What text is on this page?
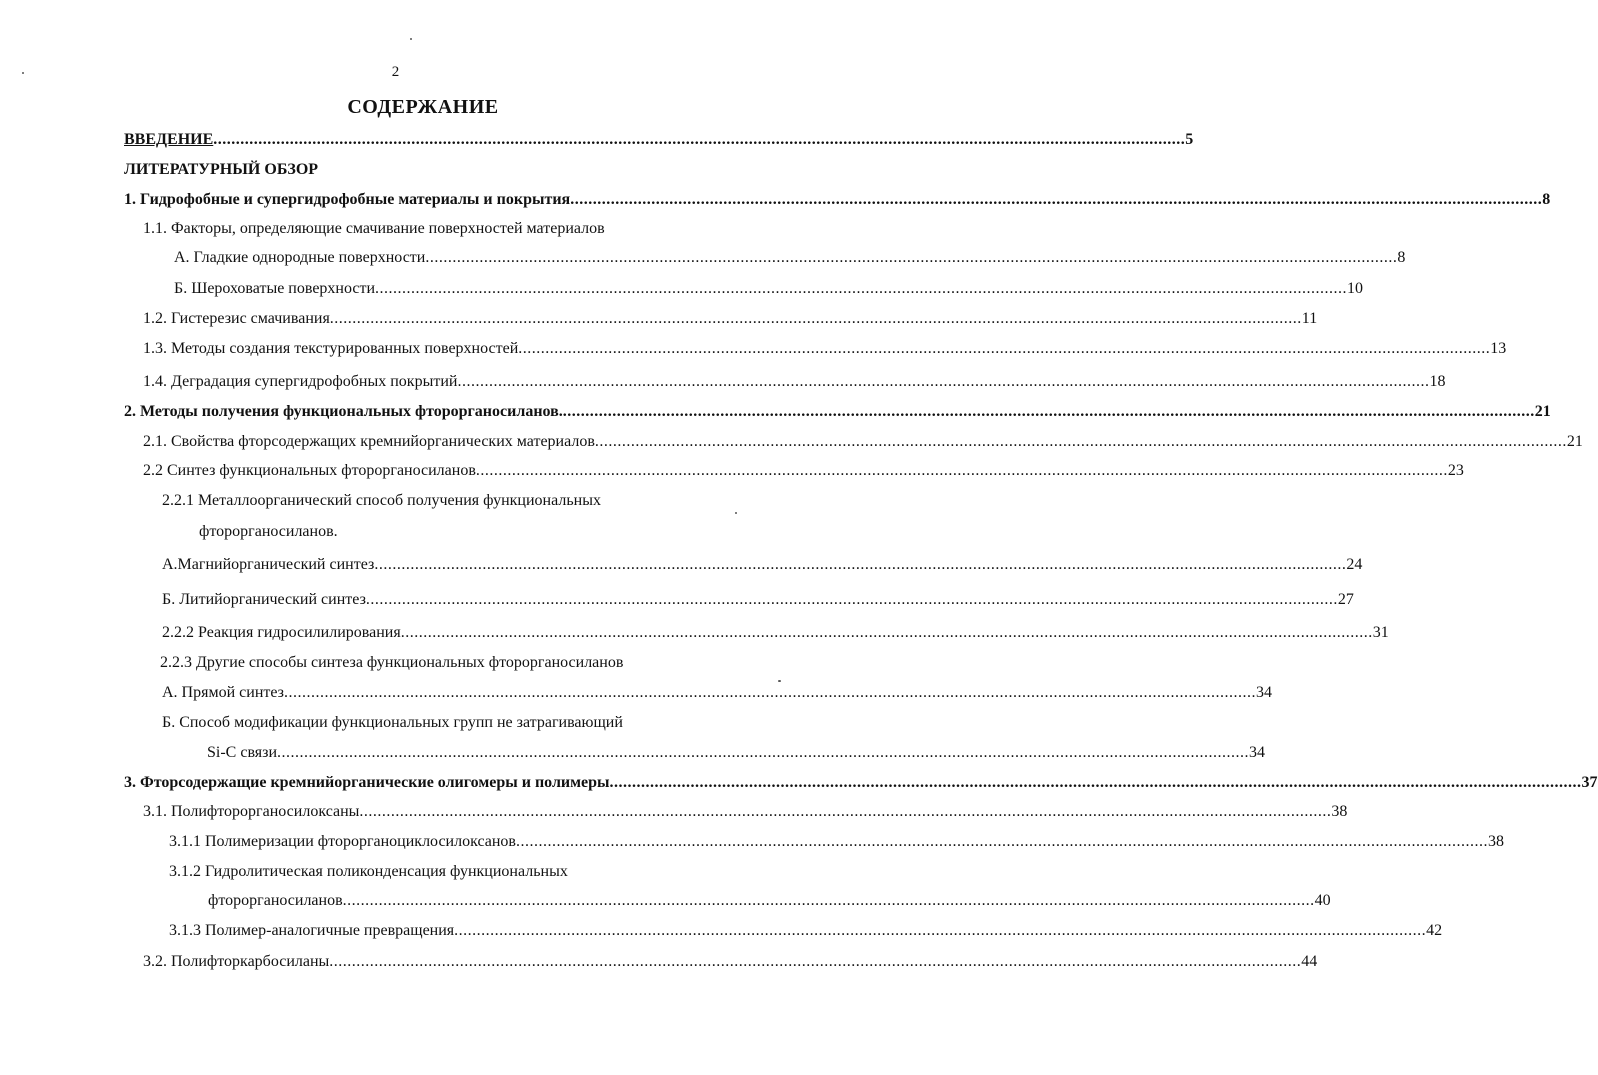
2
СОДЕРЖАНИЕ
ВВЕДЕНИЕ ........................................................................................................................................................................................................................ 5
ЛИТЕРАТУРНЫЙ ОБЗОР
1. Гидрофобные и супергидрофобные материалы и покрытия ........................................................................................................................................................................................................................ 8
1.1. Факторы, определяющие смачивание поверхностей материалов
А. Гладкие однородные поверхности ........................................................................................................................................................................................................................ 8
Б. Шероховатые поверхности ........................................................................................................................................................................................................................ 10
1.2. Гистерезис смачивания ........................................................................................................................................................................................................................ 11
1.3. Методы создания текстурированных поверхностей ........................................................................................................................................................................................................................ 13
1.4. Деградация супергидрофобных покрытий ........................................................................................................................................................................................................................ 18
2. Методы получения функциональных фторорганосиланов. ........................................................................................................................................................................................................................ 21
2.1. Свойства фторсодержащих кремнийорганических материалов ........................................................................................................................................................................................................................ 21
2.2 Синтез функциональных фторорганосиланов ........................................................................................................................................................................................................................ 23
2.2.1 Металлоорганический способ получения функциональных
фторорганосиланов.
А.Магнийорганический синтез ........................................................................................................................................................................................................................ 24
Б. Литийорганический синтез ........................................................................................................................................................................................................................ 27
2.2.2 Реакция гидросилилирования ........................................................................................................................................................................................................................ 31
2.2.3 Другие способы синтеза функциональных фторорганосиланов
А. Прямой синтез ........................................................................................................................................................................................................................ 34
Б. Способ модификации функциональных групп не затрагивающий
Si-C связи ........................................................................................................................................................................................................................ 34
3. Фторсодержащие кремнийорганические олигомеры и полимеры ........................................................................................................................................................................................................................ 37
3.1. Полифторорганосилоксаны ........................................................................................................................................................................................................................ 38
3.1.1 Полимеризации фторорганоциклосилоксанов ........................................................................................................................................................................................................................ 38
3.1.2 Гидролитическая поликонденсация функциональных
фторорганосиланов ........................................................................................................................................................................................................................ 40
3.1.3 Полимер-аналогичные превращения ........................................................................................................................................................................................................................ 42
3.2. Полифторкарбосиланы ........................................................................................................................................................................................................................ 44
